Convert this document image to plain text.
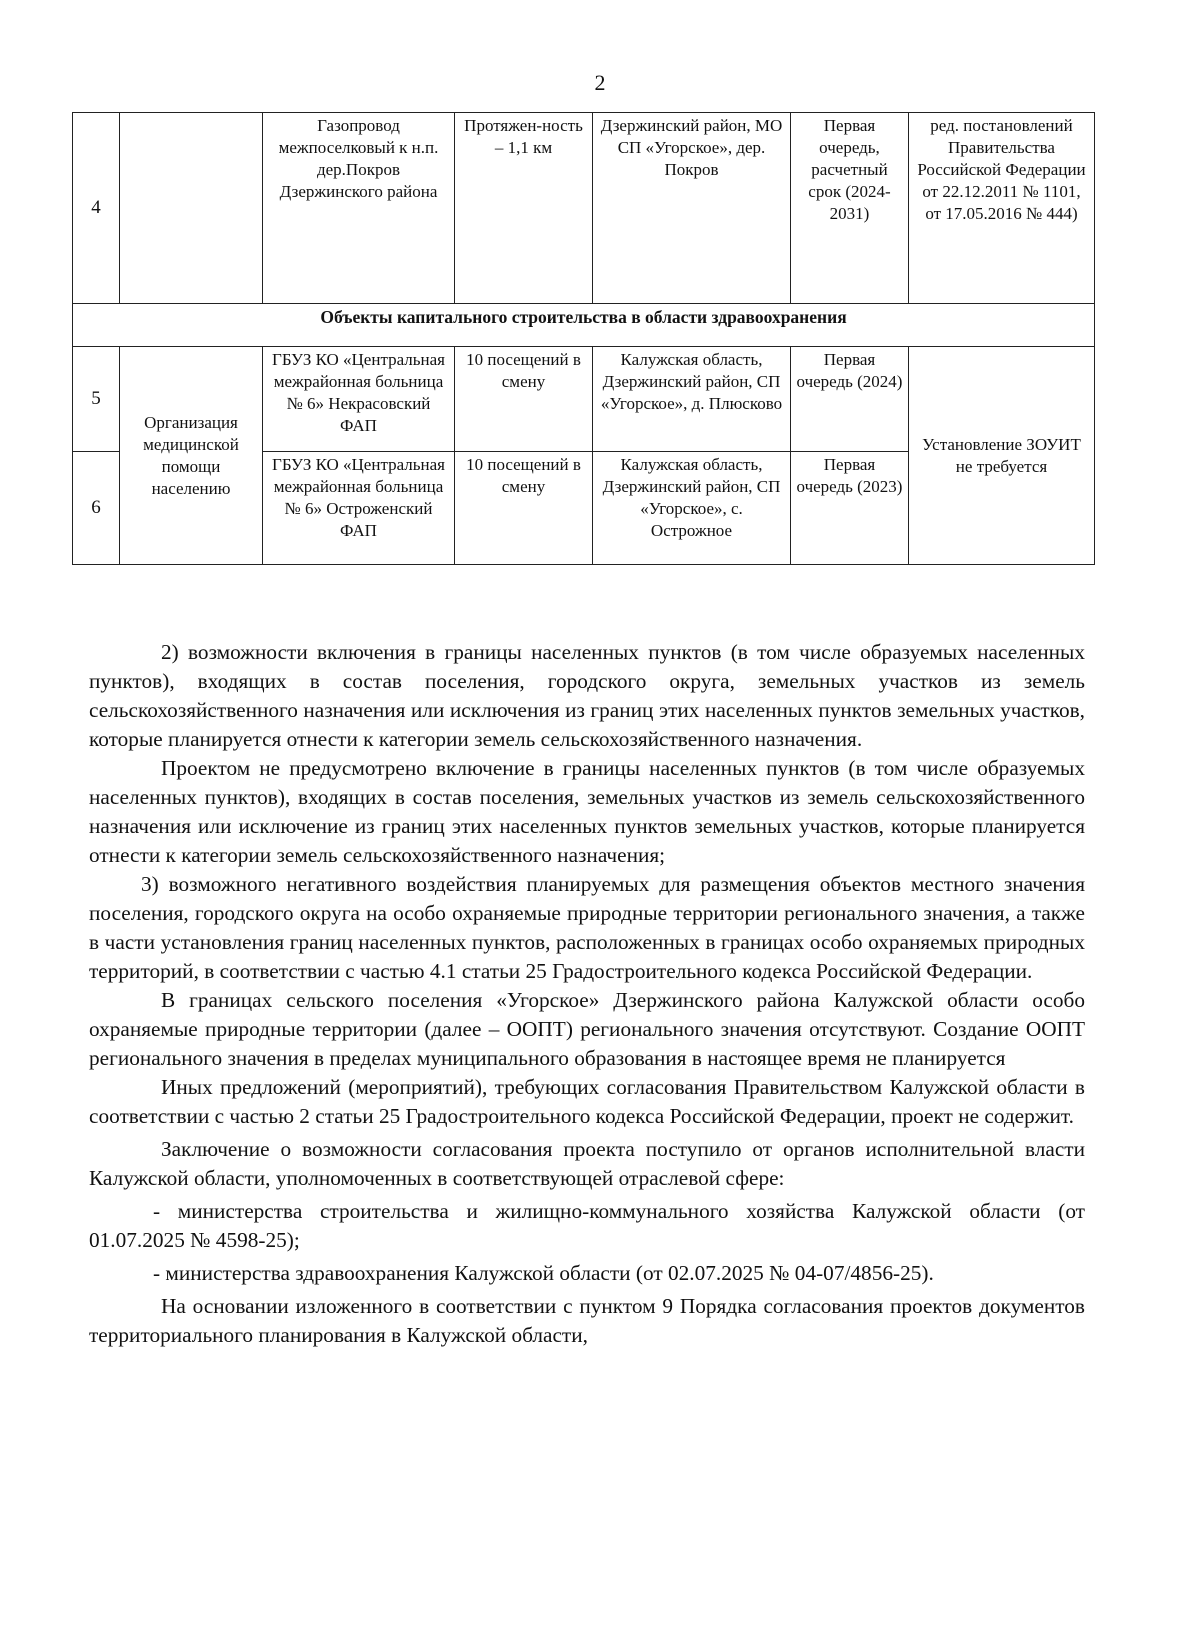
2
4		Газопровод межпоселковый к н.п. дер.Покров Дзержинского района	Протяжен-ность – 1,1 км	Дзержинский район, МО СП «Угорское», дер. Покров	Первая очередь, расчетный срок (2024-2031)	ред. постановлений Правительства Российской Федерации от 22.12.2011 № 1101, от 17.05.2016 № 444)
Объекты капитального строительства в области здравоохранения						
5	Организация медицинской помощи населению	ГБУЗ КО «Центральная межрайонная больница № 6» Некрасовский ФАП	10 посещений в смену	Калужская область, Дзержинский район, СП «Угорское», д. Плюсково	Первая очередь (2024)	Установление ЗОУИТ не требуется
6		ГБУЗ КО «Центральная межрайонная больница № 6» Остроженский ФАП	10 посещений в смену	Калужская область, Дзержинский район, СП «Угорское», с. Острожное	Первая очередь (2023)	

2) возможности включения в границы населенных пунктов (в том числе образуемых населенных пунктов), входящих в состав поселения, городского округа, земельных участков из земель сельскохозяйственного назначения или исключения из границ этих населенных пунктов земельных участков, которые планируется отнести к категории земель сельскохозяйственного назначения.

Проектом не предусмотрено включение в границы населенных пунктов (в том числе образуемых населенных пунктов), входящих в состав поселения, земельных участков из земель сельскохозяйственного назначения или исключение из границ этих населенных пунктов земельных участков, которые планируется отнести к категории земель сельскохозяйственного назначения;

3) возможного негативного воздействия планируемых для размещения объектов местного значения поселения, городского округа на особо охраняемые природные территории регионального значения, а также в части установления границ населенных пунктов, расположенных в границах особо охраняемых природных территорий, в соответствии с частью 4.1 статьи 25 Градостроительного кодекса Российской Федерации.

В границах сельского поселения «Угорское» Дзержинского района Калужской области особо охраняемые природные территории (далее – ООПТ) регионального значения отсутствуют. Создание ООПТ регионального значения в пределах муниципального образования в настоящее время не планируется

Иных предложений (мероприятий), требующих согласования Правительством Калужской области в соответствии с частью 2 статьи 25 Градостроительного кодекса Российской Федерации, проект не содержит.

Заключение о возможности согласования проекта поступило от органов исполнительной власти Калужской области, уполномоченных в соответствующей отраслевой сфере:

- министерства строительства и жилищно-коммунального хозяйства Калужской области (от 01.07.2025 № 4598-25);

- министерства здравоохранения Калужской области (от 02.07.2025 № 04-07/4856-25).

На основании изложенного в соответствии с пунктом 9 Порядка согласования проектов документов территориального планирования в Калужской области,
